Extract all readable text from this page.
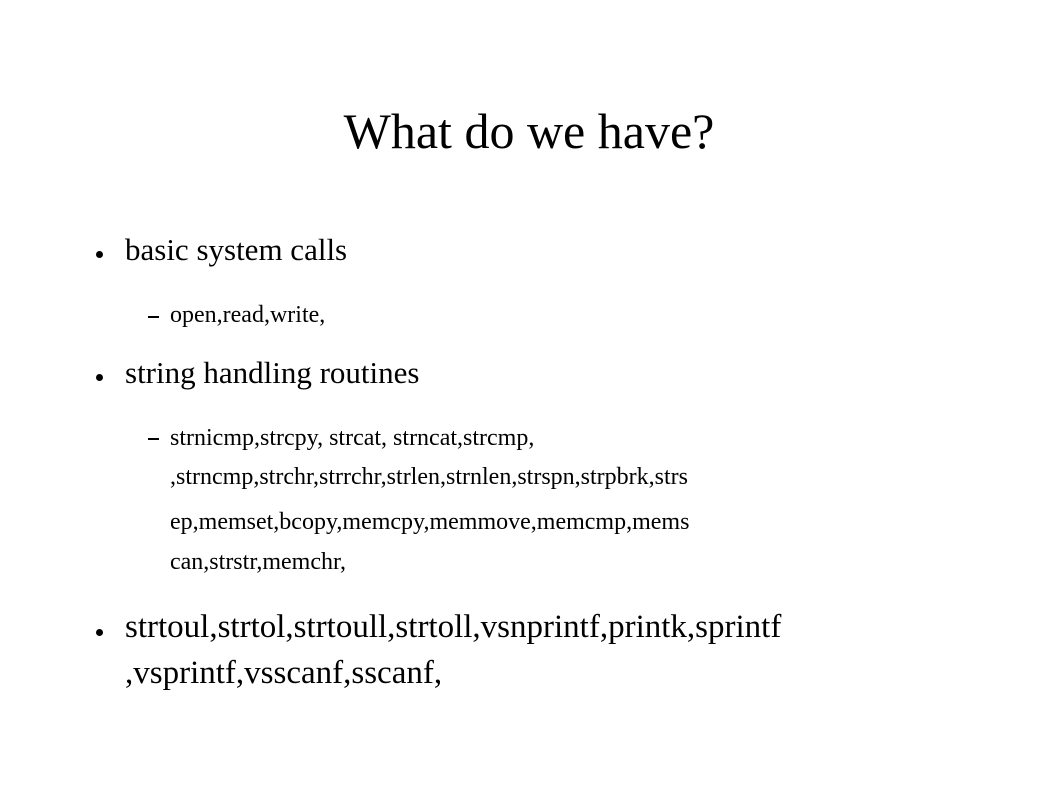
What do we have?
basic system calls
open,read,write,
string handling routines
strnicmp,strcpy, strcat, strncat,strcmp,
,strncmp,strchr,strrchr,strlen,strnlen,strspn,strpbrk,strs
ep,memset,bcopy,memcpy,memmove,memcmp,mems
can,strstr,memchr,
strtoul,strtol,strtoull,strtoll,vsnprintf,printk,sprintf
,vsprintf,vsscanf,sscanf,
